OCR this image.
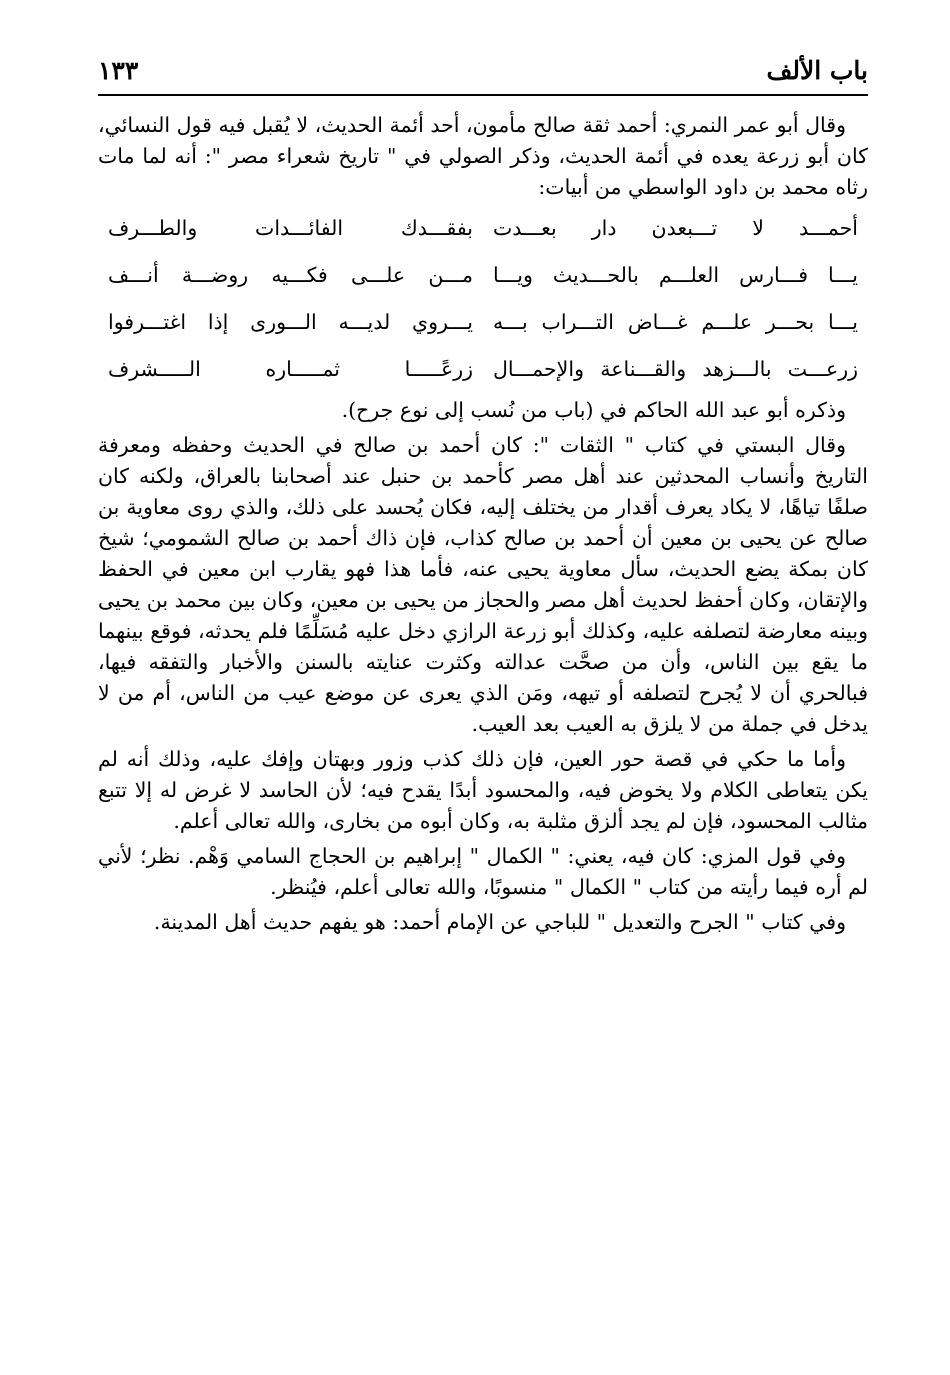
باب الألف
١٣٣

وقال أبو عمر النمري: أحمد ثقة صالح مأمون، أحد أئمة الحديث، لا يُقبل فيه قول النسائي، كان أبو زرعة يعده في أئمة الحديث، وذكر الصولي في " تاريخ شعراء مصر ": أنه لما مات رثاه محمد بن داود الواسطي من أبيات:

أحمـــد لا تـــبعدن دار بعـــدت
بفقـــدك الفائـــدات والطـــرف
يـــا فـــارس العلـــم بالحـــديث ويـــا
مـــن علـــى فكـــيه روضـــة أنـــف
يـــا بحـــر علـــم غـــاض التـــراب بـــه
يـــروي لديـــه الـــورى إذا اغتـــرفوا
زرعـــت بالـــزهد والقـــناعة والإحمـــال
زرعًـــــا ثمـــــاره الـــــشرف

وذكره أبو عبد الله الحاكم في (باب من نُسب إلى نوع جرح).

وقال البستي في كتاب " الثقات ": كان أحمد بن صالح في الحديث وحفظه ومعرفة التاريخ وأنساب المحدثين عند أهل مصر كأحمد بن حنبل عند أصحابنا بالعراق، ولكنه كان صلفًا تياهًا، لا يكاد يعرف أقدار من يختلف إليه، فكان يُحسد على ذلك، والذي روى معاوية بن صالح عن يحيى بن معين أن أحمد بن صالح كذاب، فإن ذاك أحمد بن صالح الشمومي؛ شيخ كان بمكة يضع الحديث، سأل معاوية يحيى عنه، فأما هذا فهو يقارب ابن معين في الحفظ والإتقان، وكان أحفظ لحديث أهل مصر والحجاز من يحيى بن معين، وكان بين محمد بن يحيى وبينه معارضة لتصلفه عليه، وكذلك أبو زرعة الرازي دخل عليه مُسَلِّمًا فلم يحدثه، فوقع بينهما ما يقع بين الناس، وأن من صحَّت عدالته وكثرت عنايته بالسنن والأخبار والتفقه فيها، فبالحري أن لا يُجرح لتصلفه أو تيهه، ومَن الذي يعرى عن موضع عيب من الناس، أم من لا يدخل في جملة من لا يلزق به العيب بعد العيب.

وأما ما حكي في قصة حور العين، فإن ذلك كذب وزور وبهتان وإفك عليه، وذلك أنه لم يكن يتعاطى الكلام ولا يخوض فيه، والمحسود أبدًا يقدح فيه؛ لأن الحاسد لا غرض له إلا تتبع مثالب المحسود، فإن لم يجد ألزق مثلبة به، وكان أبوه من بخارى، والله تعالى أعلم.

وفي قول المزي: كان فيه، يعني: " الكمال " إبراهيم بن الحجاج السامي وَهْم. نظر؛ لأني لم أره فيما رأيته من كتاب " الكمال " منسوبًا، والله تعالى أعلم، فيُنظر.

وفي كتاب " الجرح والتعديل " للباجي عن الإمام أحمد: هو يفهم حديث أهل المدينة.
